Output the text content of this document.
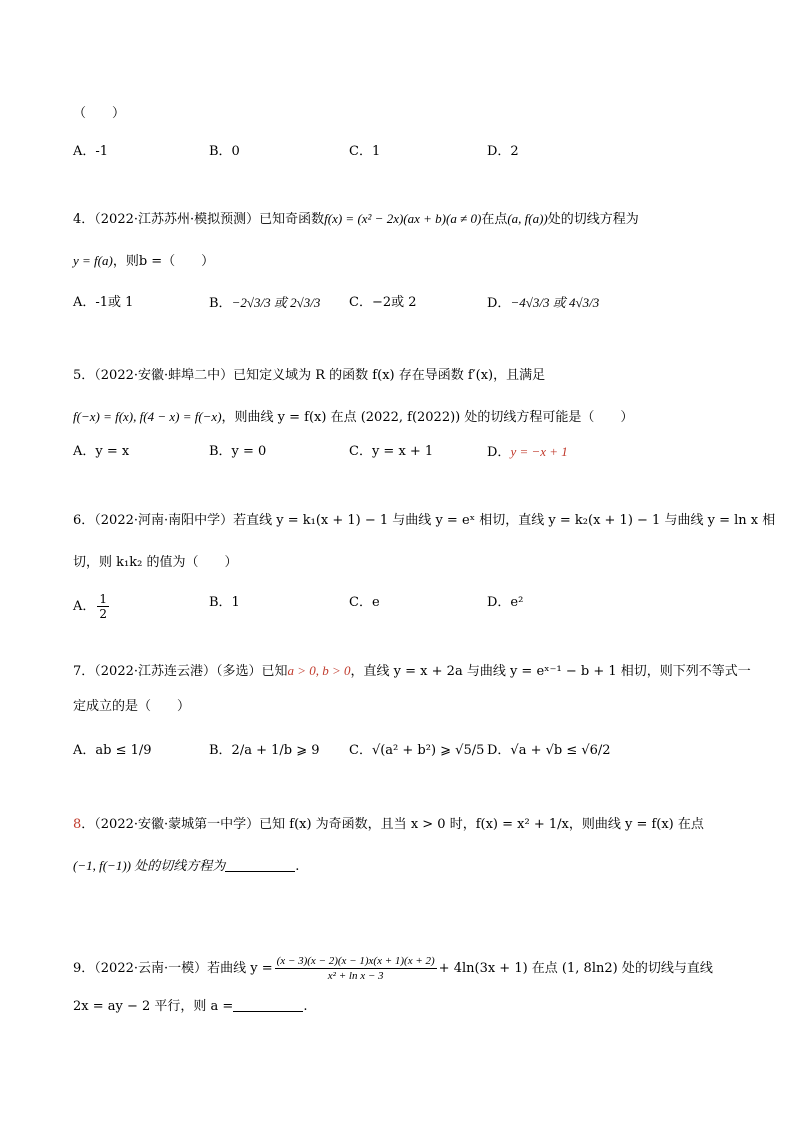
（　　）
A．-1	B．0	C．1	D．2
4．（2022·江苏苏州·模拟预测）已知奇函数f(x) = (x² − 2x)(ax + b)(a ≠ 0)在点(a, f(a))处的切线方程为
y = f(a)，则b =（　　）
A．-1或 1	B．−2√3/3 或 2√3/3 C．−2或 2	D．−4√3/3 或 4√3/3
5．（2022·安徽·蚌埠二中）已知定义域为 R 的函数 f(x) 存在导函数 f′(x)，且满足
f(−x) = f(x), f(4 − x) = f(−x)，则曲线 y = f(x) 在点 (2022, f(2022)) 处的切线方程可能是（　　）
A．y = x	B．y = 0	C．y = x + 1	D．y = −x + 1
6．（2022·河南·南阳中学）若直线 y = k₁(x + 1) − 1 与曲线 y = eˣ 相切，直线 y = k₂(x + 1) − 1 与曲线 y = ln x 相
切，则 k₁k₂ 的值为（　　）
A． $\frac{1}{2}$	B．1	C．e	D．e²
7．（2022·江苏连云港）（多选）已知a > 0, b > 0，直线 y = x + 2a 与曲线 y = eˣ⁻¹ − b + 1 相切，则下列不等式一
定成立的是（　　）
A．ab ≤ 1/9	B．2/a + 1/b ⩾ 9 C．√(a² + b²) ⩾ √5/5 D．√a + √b ≤ √6/2
8．（2022·安徽·蒙城第一中学）已知 f(x) 为奇函数，且当 x > 0 时，f(x) = x² + 1/x，则曲线 y = f(x) 在点
(−1, f(−1)) 处的切线方程为	.
9．（2022·云南·一模）若曲线 $y = \frac{(x - 3)(x - 2)(x - 1)x(x + 1)(x + 2)}{\text{x² + ln x − 3}} + 4\ln(3x + 1)$ 在点 (1, 8ln2) 处的切线与直线
2x = ay − 2 平行，则 a =	.
